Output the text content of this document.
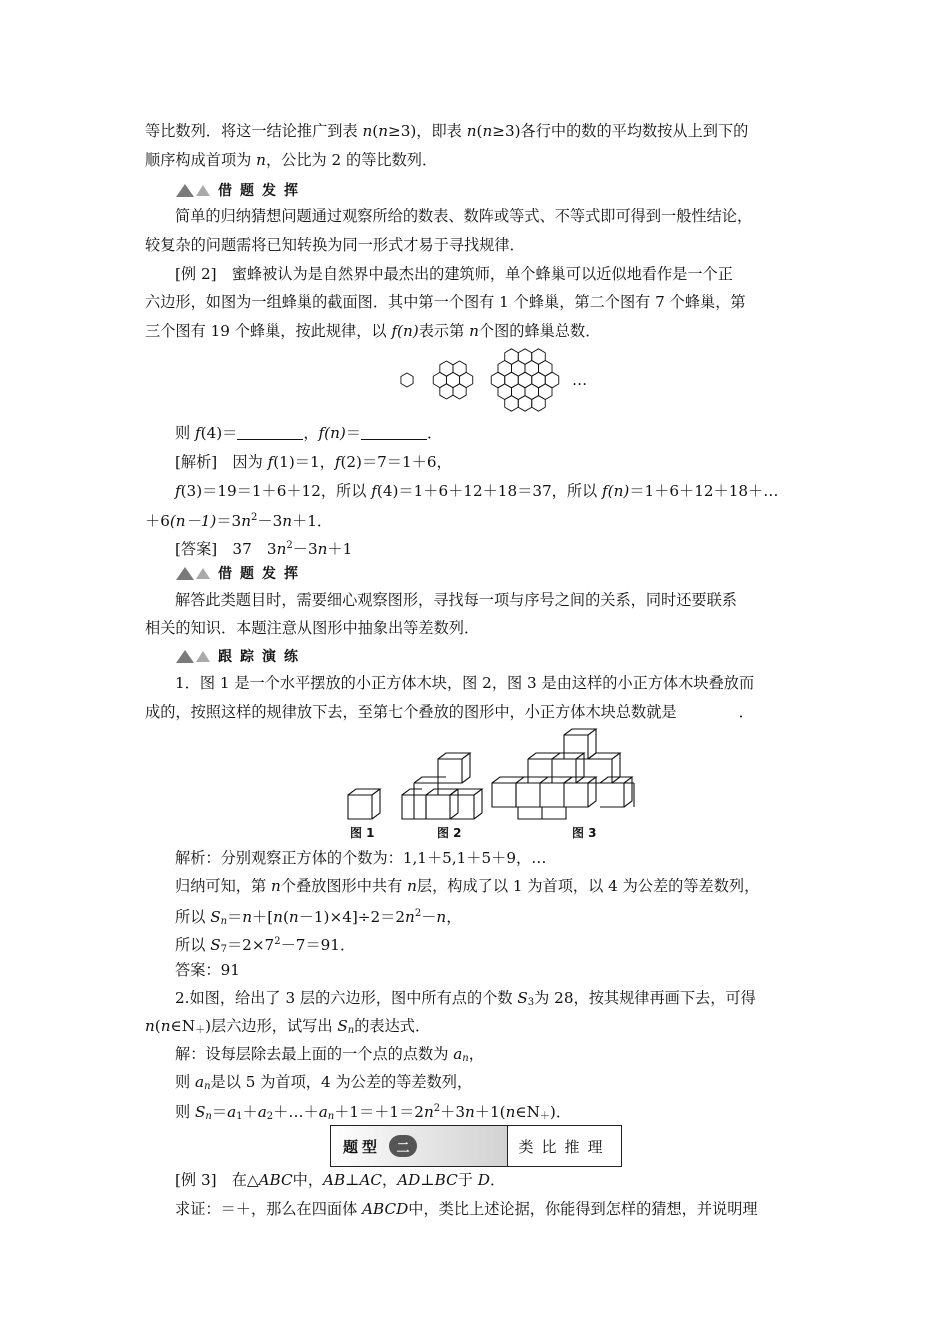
等比数列．将这一结论推广到表 n(n≥3)，即表 n(n≥3)各行中的数的平均数按从上到下的
顺序构成首项为 n，公比为 2 的等比数列．
借题发挥
简单的归纳猜想问题通过观察所给的数表、数阵或等式、不等式即可得到一般性结论，
较复杂的问题需将已知转换为同一形式才易于寻找规律．
[例 2]　蜜蜂被认为是自然界中最杰出的建筑师，单个蜂巢可以近似地看作是一个正
六边形，如图为一组蜂巢的截面图．其中第一个图有 1 个蜂巢，第二个图有 7 个蜂巢，第
三个图有 19 个蜂巢，按此规律，以 f(n)表示第 n个图的蜂巢总数．
…
则 f(4)＝	，f(n)＝	．
[解析]　因为 f(1)＝1，f(2)＝7＝1＋6，
f(3)＝19＝1＋6＋12，所以 f(4)＝1＋6＋12＋18＝37，所以 f(n)＝1＋6＋12＋18＋…
$+6(n-1)=3n^2-3n+1$．
[答案]　37　$3n^2-3n+1$
借题发挥
解答此类题目时，需要细心观察图形，寻找每一项与序号之间的关系，同时还要联系
相关的知识．本题注意从图形中抽象出等差数列．
跟踪演练
1．图 1 是一个水平摆放的小正方体木块，图 2，图 3 是由这样的小正方体木块叠放而
成的，按照这样的规律放下去，至第七个叠放的图形中，小正方体木块总数就是	．
图 1	图 2	图 3
解析：分别观察正方体的个数为：1,1＋5,1＋5＋9，…
归纳可知，第 n个叠放图形中共有 n层，构成了以 1 为首项，以 4 为公差的等差数列，
所以 $S_n=n+[n(n-1)\times 4]\div 2=2n^2-n$，
所以 $S_7=2\times 7^2-7=91$．
答案：91
2.如图，给出了 3 层的六边形，图中所有点的个数 $S_3$为 28，按其规律再画下去，可得
$n(n\in N_+)$层六边形，试写出 $S_n$的表达式．
解：设每层除去最上面的一个点的点数为 $a_n$，
则 $a_n$是以 5 为首项，4 为公差的等差数列，
则 $S_n=a_1+a_2+\dots+a_n+1=+1=2n^2+3n+1(n\in N_+)$．
题型	二	类比推理
[例 3]　在△ABC中，AB⊥AC，AD⊥BC于 D．
求证：＝＋，那么在四面体 ABCD中，类比上述论据，你能得到怎样的猜想，并说明理
